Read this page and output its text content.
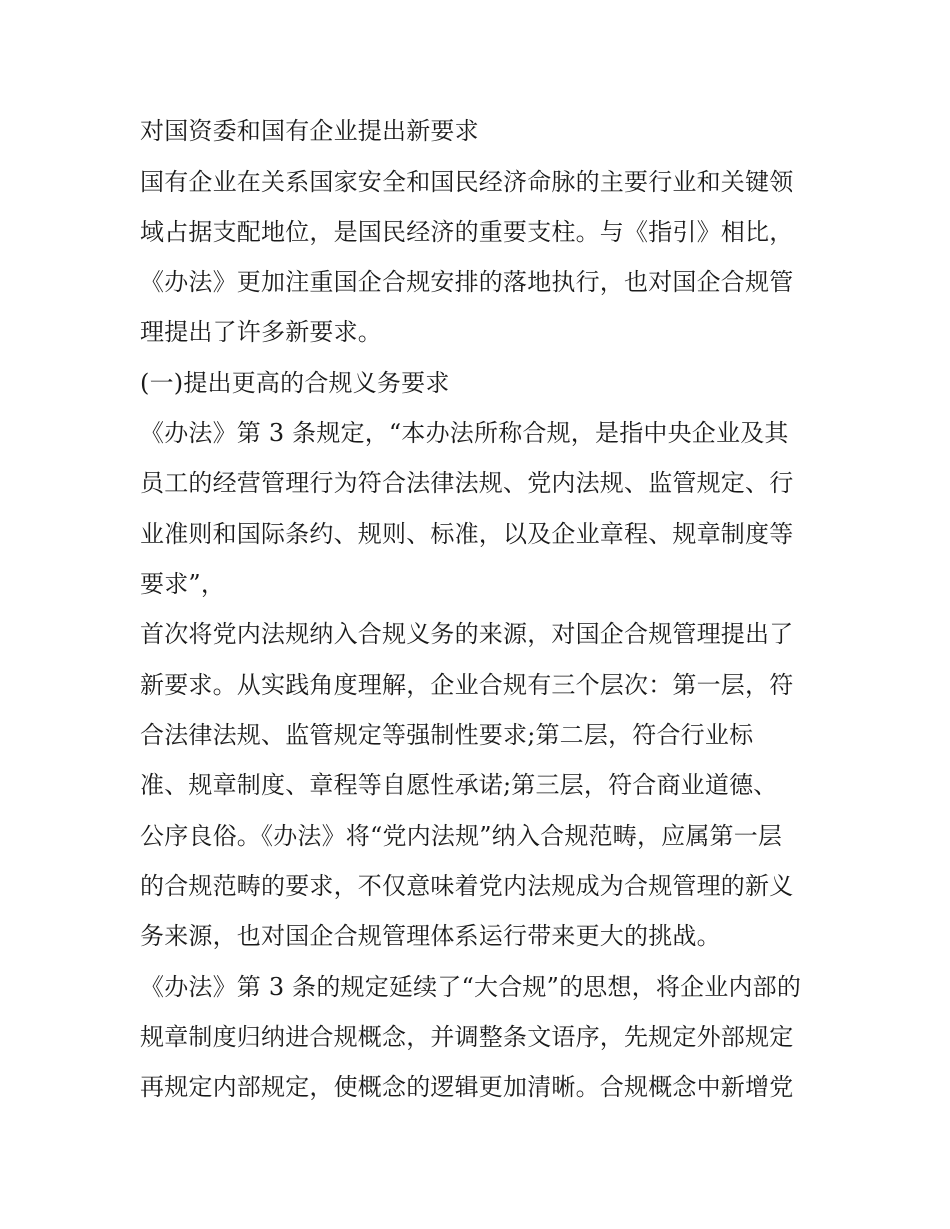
对国资委和国有企业提出新要求
国有企业在关系国家安全和国民经济命脉的主要行业和关键领
域占据支配地位，是国民经济的重要支柱。与《指引》相比，
《办法》更加注重国企合规安排的落地执行，也对国企合规管
理提出了许多新要求。
(一)提出更高的合规义务要求
《办法》第 3 条规定，“本办法所称合规，是指中央企业及其
员工的经营管理行为符合法律法规、党内法规、监管规定、行
业准则和国际条约、规则、标准，以及企业章程、规章制度等
要求”，
首次将党内法规纳入合规义务的来源，对国企合规管理提出了
新要求。从实践角度理解，企业合规有三个层次：第一层，符
合法律法规、监管规定等强制性要求;第二层，符合行业标
准、规章制度、章程等自愿性承诺;第三层，符合商业道德、
公序良俗。《办法》将“党内法规”纳入合规范畴，应属第一层
的合规范畴的要求，不仅意味着党内法规成为合规管理的新义
务来源，也对国企合规管理体系运行带来更大的挑战。
《办法》第 3 条的规定延续了“大合规”的思想，将企业内部的
规章制度归纳进合规概念，并调整条文语序，先规定外部规定
再规定内部规定，使概念的逻辑更加清晰。合规概念中新增党
